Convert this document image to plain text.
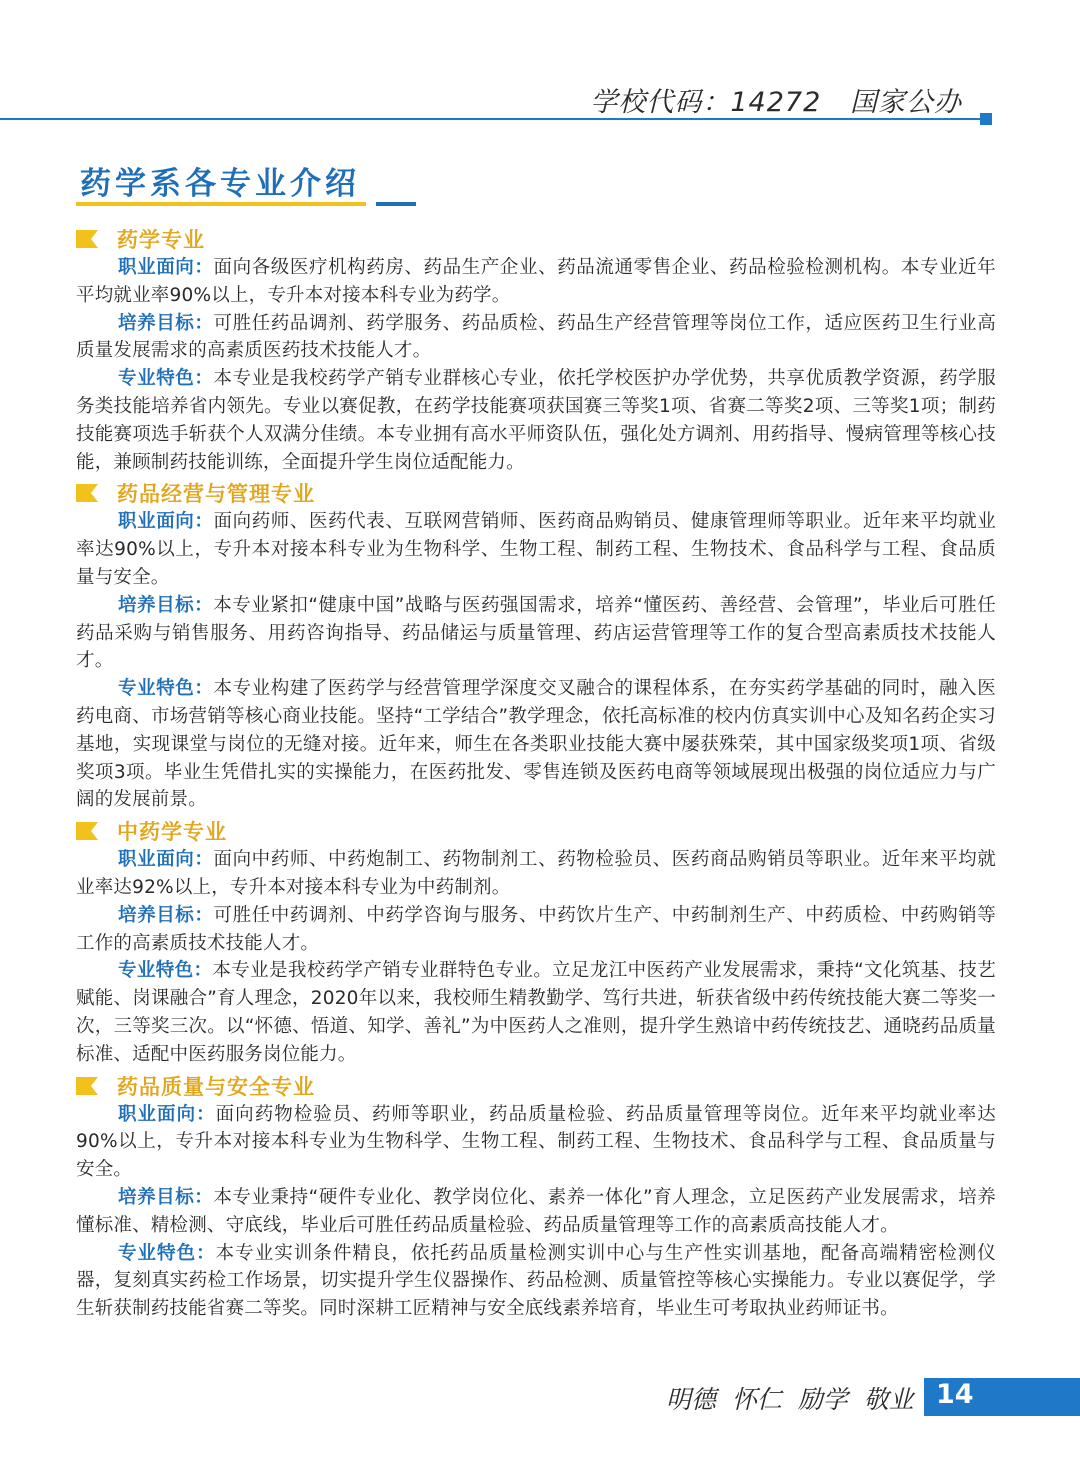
学校代码：14272   国家公办
药学系各专业介绍
药学专业

职业面向：面向各级医疗机构药房、药品生产企业、药品流通零售企业、药品检验检测机构。本专业近年平均就业率90%以上，专升本对接本科专业为药学。

培养目标：可胜任药品调剂、药学服务、药品质检、药品生产经营管理等岗位工作，适应医药卫生行业高质量发展需求的高素质医药技术技能人才。

专业特色：本专业是我校药学产销专业群核心专业，依托学校医护办学优势，共享优质教学资源，药学服务类技能培养省内领先。专业以赛促教，在药学技能赛项获国赛三等奖1项、省赛二等奖2项、三等奖1项；制药技能赛项选手斩获个人双满分佳绩。本专业拥有高水平师资队伍，强化处方调剂、用药指导、慢病管理等核心技能，兼顾制药技能训练，全面提升学生岗位适配能力。

药品经营与管理专业

职业面向：面向药师、医药代表、互联网营销师、医药商品购销员、健康管理师等职业。近年来平均就业率达90%以上，专升本对接本科专业为生物科学、生物工程、制药工程、生物技术、食品科学与工程、食品质量与安全。

培养目标：本专业紧扣“健康中国”战略与医药强国需求，培养“懂医药、善经营、会管理”，毕业后可胜任药品采购与销售服务、用药咨询指导、药品储运与质量管理、药店运营管理等工作的复合型高素质技术技能人才。

专业特色：本专业构建了医药学与经营管理学深度交叉融合的课程体系，在夯实药学基础的同时，融入医药电商、市场营销等核心商业技能。坚持“工学结合”教学理念，依托高标准的校内仿真实训中心及知名药企实习基地，实现课堂与岗位的无缝对接。近年来，师生在各类职业技能大赛中屡获殊荣，其中国家级奖项1项、省级奖项3项。毕业生凭借扎实的实操能力，在医药批发、零售连锁及医药电商等领域展现出极强的岗位适应力与广阔的发展前景。

中药学专业

职业面向：面向中药师、中药炮制工、药物制剂工、药物检验员、医药商品购销员等职业。近年来平均就业率达92%以上，专升本对接本科专业为中药制剂。

培养目标：可胜任中药调剂、中药学咨询与服务、中药饮片生产、中药制剂生产、中药质检、中药购销等工作的高素质技术技能人才。

专业特色：本专业是我校药学产销专业群特色专业。立足龙江中医药产业发展需求，秉持“文化筑基、技艺赋能、岗课融合”育人理念，2020年以来，我校师生精教勤学、笃行共进，斩获省级中药传统技能大赛二等奖一次，三等奖三次。以“怀德、悟道、知学、善礼”为中医药人之准则，提升学生熟谙中药传统技艺、通晓药品质量标准、适配中医药服务岗位能力。

药品质量与安全专业

职业面向：面向药物检验员、药师等职业，药品质量检验、药品质量管理等岗位。近年来平均就业率达90%以上，专升本对接本科专业为生物科学、生物工程、制药工程、生物技术、食品科学与工程、食品质量与安全。

培养目标：本专业秉持“硬件专业化、教学岗位化、素养一体化”育人理念，立足医药产业发展需求，培养懂标准、精检测、守底线，毕业后可胜任药品质量检验、药品质量管理等工作的高素质高技能人才。

专业特色：本专业实训条件精良，依托药品质量检测实训中心与生产性实训基地，配备高端精密检测仪器，复刻真实药检工作场景，切实提升学生仪器操作、药品检测、质量管控等核心实操能力。专业以赛促学，学生斩获制药技能省赛二等奖。同时深耕工匠精神与安全底线素养培育，毕业生可考取执业药师证书。

明德  怀仁  励学  敬业 14
